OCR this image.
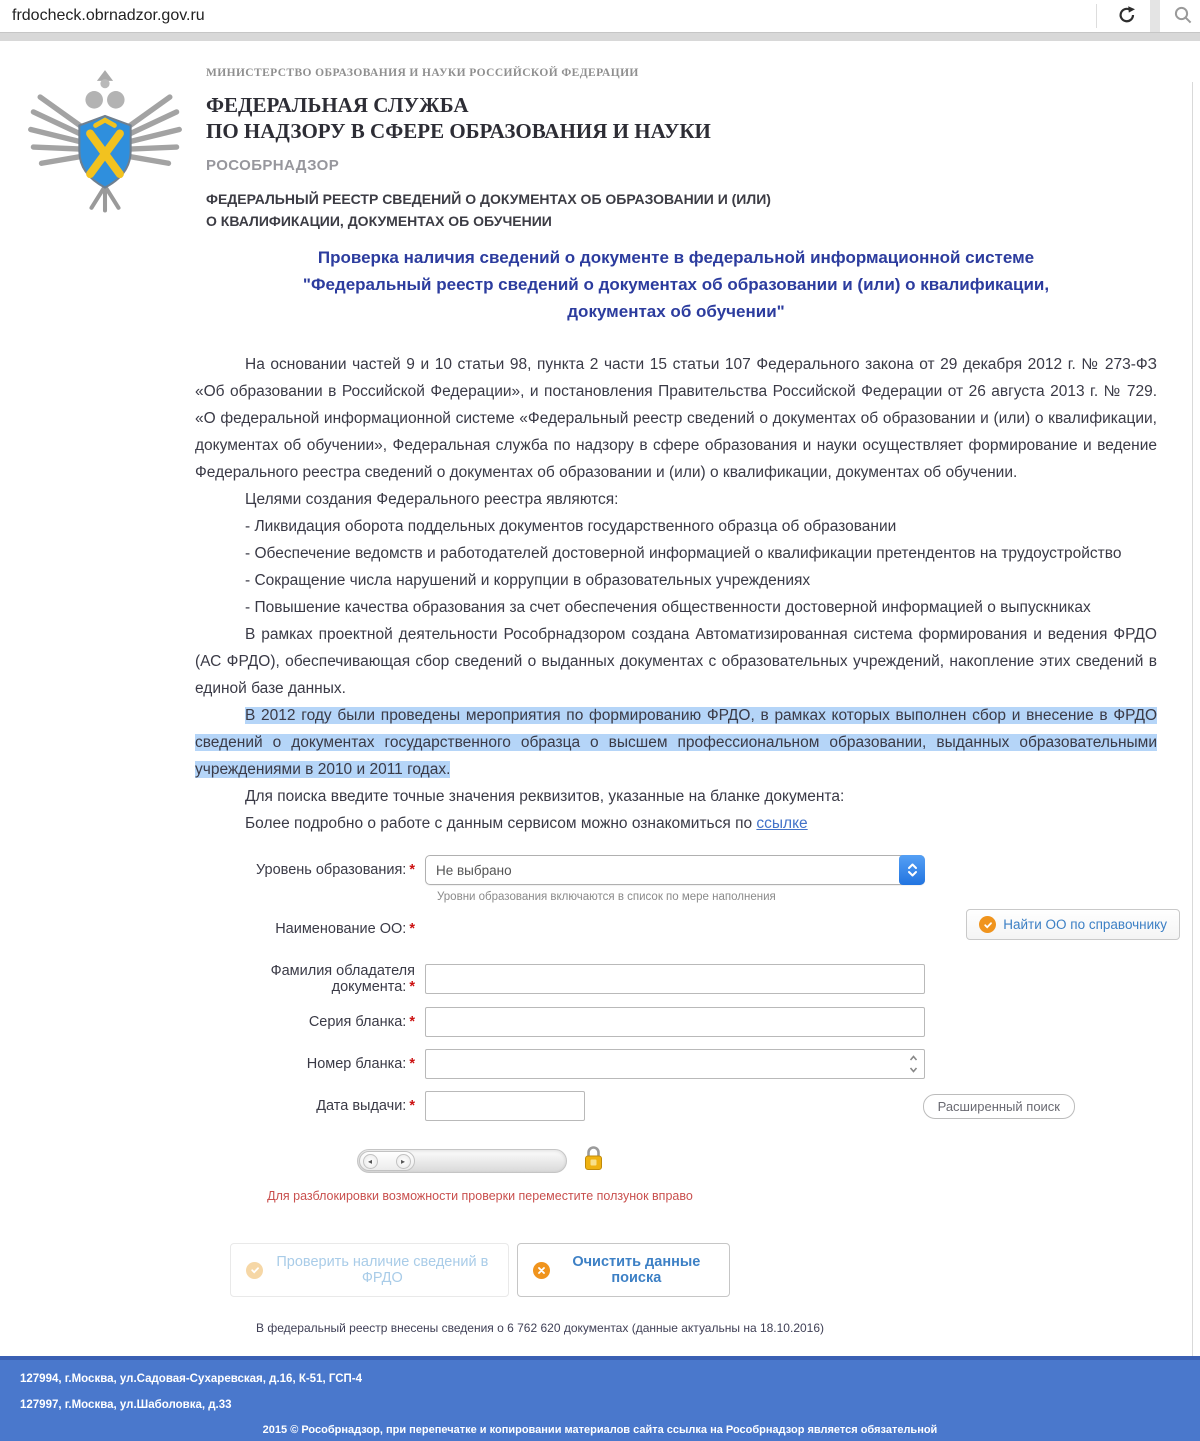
frdocheck.obrnadzor.gov.ru
МИНИСТЕРСТВО ОБРАЗОВАНИЯ И НАУКИ РОССИЙСКОЙ ФЕДЕРАЦИИ
ФЕДЕРАЛЬНАЯ СЛУЖБА
ПО НАДЗОРУ В СФЕРЕ ОБРАЗОВАНИЯ И НАУКИ
РОСОБРНАДЗОР
ФЕДЕРАЛЬНЫЙ РЕЕСТР СВЕДЕНИЙ О ДОКУМЕНТАХ ОБ ОБРАЗОВАНИИ И (ИЛИ)
О КВАЛИФИКАЦИИ, ДОКУМЕНТАХ ОБ ОБУЧЕНИИ
Проверка наличия сведений о документе в федеральной информационной системе
"Федеральный реестр сведений о документах об образовании и (или) о квалификации,
документах об обучении"

На основании частей 9 и 10 статьи 98, пункта 2 части 15 статьи 107 Федерального закона от 29 декабря 2012 г. № 273-ФЗ «Об образовании в Российской Федерации», и постановления Правительства Российской Федерации от 26 августа 2013 г. № 729. «О федеральной информационной системе «Федеральный реестр сведений о документах об образовании и (или) о квалификации, документах об обучении», Федеральная служба по надзору в сфере образования и науки осуществляет формирование и ведение Федерального реестра сведений о документах об образовании и (или) о квалификации, документах об обучении.

Целями создания Федерального реестра являются:

- Ликвидация оборота поддельных документов государственного образца об образовании

- Обеспечение ведомств и работодателей достоверной информацией о квалификации претендентов на трудоустройство

- Сокращение числа нарушений и коррупции в образовательных учреждениях

- Повышение качества образования за счет обеспечения общественности достоверной информацией о выпускниках

В рамках проектной деятельности Рособрнадзором создана Автоматизированная система формирования и ведения ФРДО (АС ФРДО), обеспечивающая сбор сведений о выданных документах с образовательных учреждений, накопление этих сведений в единой базе данных.

В 2012 году были проведены мероприятия по формированию ФРДО, в рамках которых выполнен сбор и внесение в ФРДО сведений о документах государственного образца о высшем профессиональном образовании, выданных образовательными учреждениями в 2010 и 2011 годах.

Для поиска введите точные значения реквизитов, указанные на бланке документа:

Более подробно о работе с данным сервисом можно ознакомиться по ссылке

Уровень образования: *	Не выбрано
Уровни образования включаются в список по мере наполнения
Наименование ОО: *	Найти ОО по справочнику
Фамилия обладателя документа: *
Серия бланка: *
Номер бланка: *
Дата выдачи: *	Расширенный поиск
◂	▸
Для разблокировки возможности проверки переместите ползунок вправо
Проверить наличие сведений в ФРДО
Очистить данные поиска
В федеральный реестр внесены сведения о 6 762 620 документах (данные актуальны на 18.10.2016)
127994, г.Москва, ул.Садовая-Сухаревская, д.16, К-51, ГСП-4
127997, г.Москва, ул.Шаболовка, д.33
2015 © Рособрнадзор, при перепечатке и копировании материалов сайта ссылка на Рособрнадзор является обязательной
